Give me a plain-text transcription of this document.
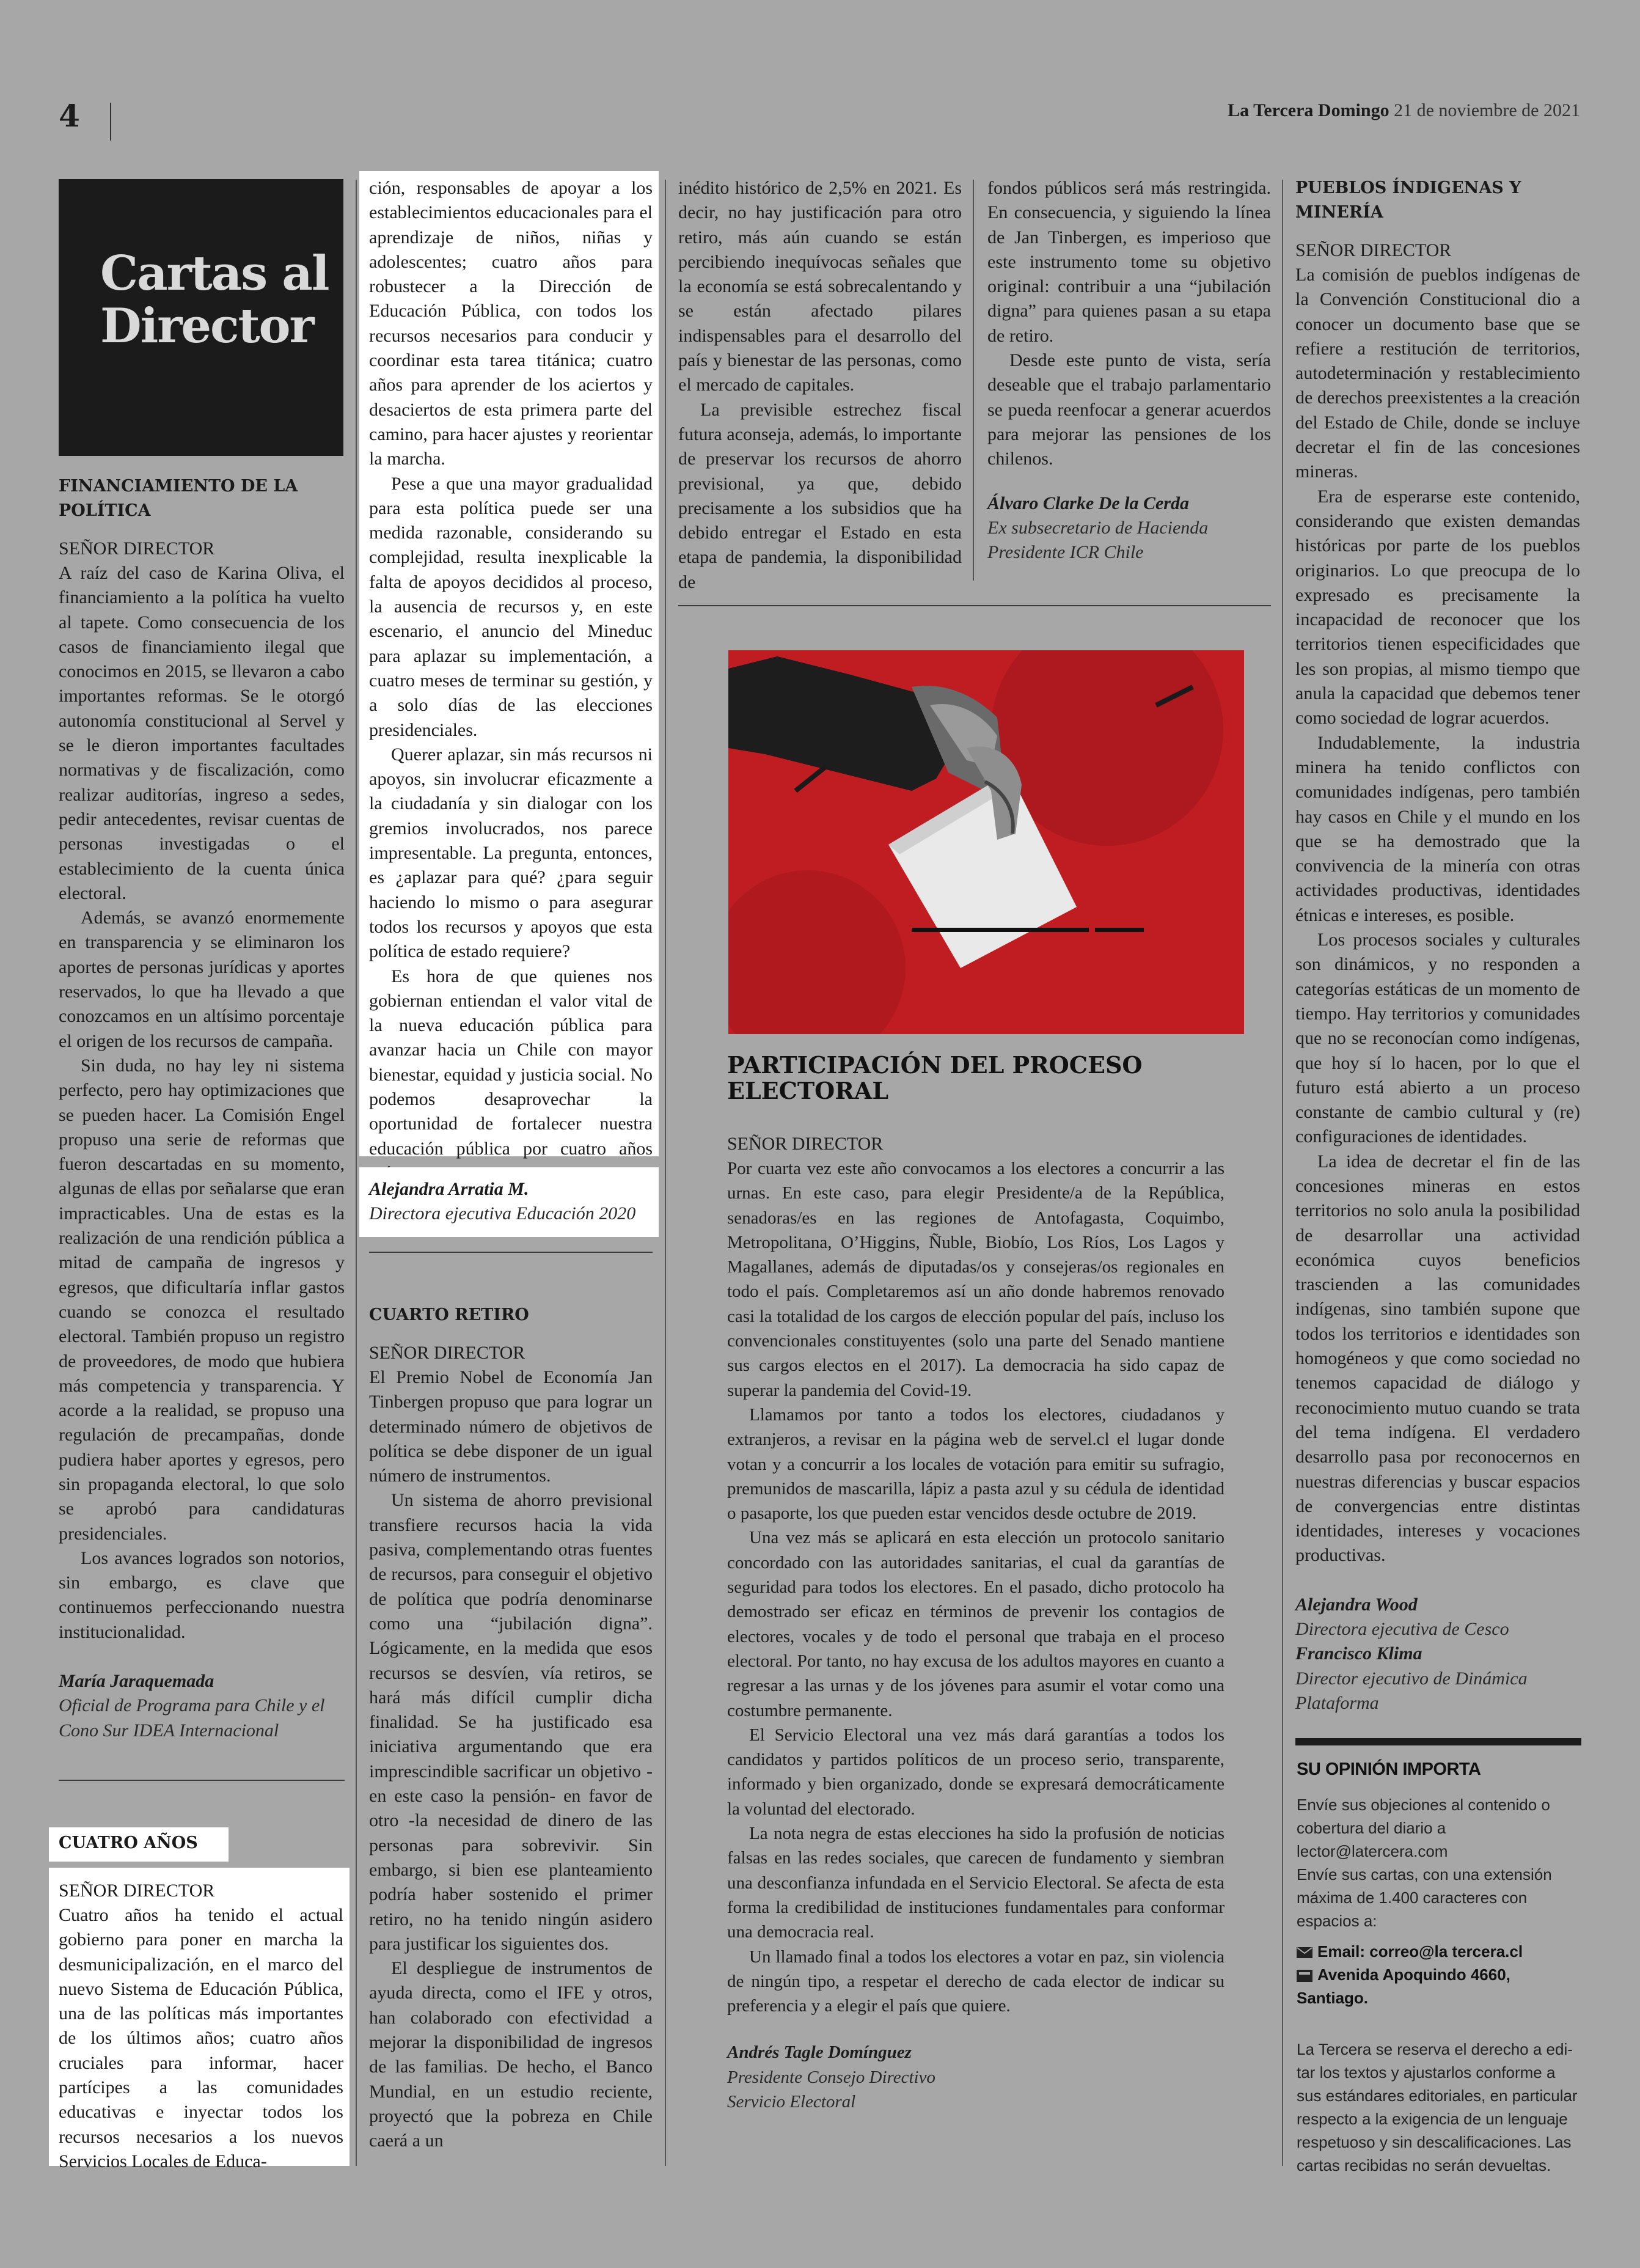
4	La Tercera Domingo 21 de noviembre de 2021
Cartas al
Director
FINANCIAMIENTO DE LA POLÍTICA
SEÑOR DIRECTOR

A raíz del caso de Karina Oliva, el financiamiento a la política ha vuelto al tapete. Como consecuencia de los casos de financiamiento ilegal que conocimos en 2015, se llevaron a cabo importantes reformas. Se le otorgó autonomía constitucional al Servel y se le dieron importantes facultades normativas y de fiscalización, como realizar auditorías, ingreso a sedes, pedir antecedentes, revisar cuentas de personas investigadas o el establecimiento de la cuenta única electoral.

Además, se avanzó enormemente en transparencia y se eliminaron los aportes de personas jurídicas y aportes reservados, lo que ha llevado a que conozcamos en un altísimo porcentaje el origen de los recursos de campaña.

Sin duda, no hay ley ni sistema perfecto, pero hay optimizaciones que se pueden hacer. La Comisión Engel propuso una serie de reformas que fueron descartadas en su momento, algunas de ellas por señalarse que eran impracticables. Una de estas es la realización de una rendición pública a mitad de campaña de ingresos y egresos, que dificultaría inflar gastos cuando se conozca el resultado electoral. También propuso un registro de proveedores, de modo que hubiera más competencia y transparencia. Y acorde a la realidad, se propuso una regulación de precampañas, donde pudiera haber aportes y egresos, pero sin propaganda electoral, lo que solo se aprobó para candidaturas presidenciales.

Los avances logrados son notorios, sin embargo, es clave que continuemos perfeccionando nuestra institucionalidad.

María Jaraquemada
Oficial de Programa para Chile y el
Cono Sur IDEA Internacional
CUATRO AÑOS
SEÑOR DIRECTOR

Cuatro años ha tenido el actual gobierno para poner en marcha la desmunicipalización, en el marco del nuevo Sistema de Educación Pública, una de las políticas más importantes de los últimos años; cuatro años cruciales para informar, hacer partícipes a las comunidades educativas e inyectar todos los recursos necesarios a los nuevos Servicios Locales de Educa-

ción, responsables de apoyar a los establecimientos educacionales para el aprendizaje de niños, niñas y adolescentes; cuatro años para robustecer a la Dirección de Educación Pública, con todos los recursos necesarios para conducir y coordinar esta tarea titánica; cuatro años para aprender de los aciertos y desaciertos de esta primera parte del camino, para hacer ajustes y reorientar la marcha.

Pese a que una mayor gradualidad para esta política puede ser una medida razonable, considerando su complejidad, resulta inexplicable la falta de apoyos decididos al proceso, la ausencia de recursos y, en este escenario, el anuncio del Mineduc para aplazar su implementación, a cuatro meses de terminar su gestión, y a solo días de las elecciones presidenciales.

Querer aplazar, sin más recursos ni apoyos, sin involucrar eficazmente a la ciudadanía y sin dialogar con los gremios involucrados, nos parece impresentable. La pregunta, entonces, es ¿aplazar para qué? ¿para seguir haciendo lo mismo o para asegurar todos los recursos y apoyos que esta política de estado requiere?

Es hora de que quienes nos gobiernan entiendan el valor vital de la nueva educación pública para avanzar hacia un Chile con mayor bienestar, equidad y justicia social. No podemos desaprovechar la oportunidad de fortalecer nuestra educación pública por cuatro años

Alejandra Arratia M.
Directora ejecutiva Educación 2020
CUARTO RETIRO
SEÑOR DIRECTOR

El Premio Nobel de Economía Jan Tinbergen propuso que para lograr un determinado número de objetivos de política se debe disponer de un igual número de instrumentos.

Un sistema de ahorro previsional transfiere recursos hacia la vida pasiva, complementando otras fuentes de recursos, para conseguir el objetivo de política que podría denominarse como una “jubilación digna”. Lógicamente, en la medida que esos recursos se desvíen, vía retiros, se hará más difícil cumplir dicha finalidad. Se ha justificado esa iniciativa argumentando que era imprescindible sacrificar un objetivo -en este caso la pensión- en favor de otro -la necesidad de dinero de las personas para sobrevivir. Sin embargo, si bien ese planteamiento podría haber sostenido el primer retiro, no ha tenido ningún asidero para justificar los siguientes dos.

El despliegue de instrumentos de ayuda directa, como el IFE y otros, han colaborado con efectividad a mejorar la disponibilidad de ingresos de las familias. De hecho, el Banco Mundial, en un estudio reciente, proyectó que la pobreza en Chile caerá a un

inédito histórico de 2,5% en 2021. Es decir, no hay justificación para otro retiro, más aún cuando se están percibiendo inequívocas señales que la economía se está sobrecalentando y se están afectado pilares indispensables para el desarrollo del país y bienestar de las personas, como el mercado de capitales.

La previsible estrechez fiscal futura aconseja, además, lo importante de preservar los recursos de ahorro previsional, ya que, debido precisamente a los subsidios que ha debido entregar el Estado en esta etapa de pandemia, la disponibilidad de

fondos públicos será más restringida. En consecuencia, y siguiendo la línea de Jan Tinbergen, es imperioso que este instrumento tome su objetivo original: contribuir a una “jubilación digna” para quienes pasan a su etapa de retiro.

Desde este punto de vista, sería deseable que el trabajo parlamentario se pueda reenfocar a generar acuerdos para mejorar las pensiones de los chilenos.

Álvaro Clarke De la Cerda
Ex subsecretario de Hacienda
Presidente ICR Chile
PARTICIPACIÓN DEL PROCESO
ELECTORAL
SEÑOR DIRECTOR

Por cuarta vez este año convocamos a los electores a concurrir a las urnas. En este caso, para elegir Presidente/a de la República, senadoras/es en las regiones de Antofagasta, Coquimbo, Metropolitana, O’Higgins, Ñuble, Biobío, Los Ríos, Los Lagos y Magallanes, además de diputadas/os y consejeras/os regionales en todo el país. Completaremos así un año donde habremos renovado casi la totalidad de los cargos de elección popular del país, incluso los convencionales constituyentes (solo una parte del Senado mantiene sus cargos electos en el 2017). La democracia ha sido capaz de superar la pandemia del Covid-19.

Llamamos por tanto a todos los electores, ciudadanos y extranjeros, a revisar en la página web de servel.cl el lugar donde votan y a concurrir a los locales de votación para emitir su sufragio, premunidos de mascarilla, lápiz a pasta azul y su cédula de identidad o pasaporte, los que pueden estar vencidos desde octubre de 2019.

Una vez más se aplicará en esta elección un protocolo sanitario concordado con las autoridades sanitarias, el cual da garantías de seguridad para todos los electores. En el pasado, dicho protocolo ha demostrado ser eficaz en términos de prevenir los contagios de electores, vocales y de todo el personal que trabaja en el proceso electoral. Por tanto, no hay excusa de los adultos mayores en cuanto a regresar a las urnas y de los jóvenes para asumir el votar como una costumbre permanente.

El Servicio Electoral una vez más dará garantías a todos los candidatos y partidos políticos de un proceso serio, transparente, informado y bien organizado, donde se expresará democráticamente la voluntad del electorado.

La nota negra de estas elecciones ha sido la profusión de noticias falsas en las redes sociales, que carecen de fundamento y siembran una desconfianza infundada en el Servicio Electoral. Se afecta de esta forma la credibilidad de instituciones fundamentales para conformar una democracia real.

Un llamado final a todos los electores a votar en paz, sin violencia de ningún tipo, a respetar el derecho de cada elector de indicar su preferencia y a elegir el país que quiere.

Andrés Tagle Domínguez
Presidente Consejo Directivo
Servicio Electoral
PUEBLOS ÍNDIGENAS Y MINERÍA
SEÑOR DIRECTOR

La comisión de pueblos indígenas de la Convención Constitucional dio a conocer un documento base que se refiere a restitución de territorios, autodeterminación y restablecimiento de derechos preexistentes a la creación del Estado de Chile, donde se incluye decretar el fin de las concesiones mineras.

Era de esperarse este contenido, considerando que existen demandas históricas por parte de los pueblos originarios. Lo que preocupa de lo expresado es precisamente la incapacidad de reconocer que los territorios tienen especificidades que les son propias, al mismo tiempo que anula la capacidad que debemos tener como sociedad de lograr acuerdos.

Indudablemente, la industria minera ha tenido conflictos con comunidades indígenas, pero también hay casos en Chile y el mundo en los que se ha demostrado que la convivencia de la minería con otras actividades productivas, identidades étnicas e intereses, es posible.

Los procesos sociales y culturales son dinámicos, y no responden a categorías estáticas de un momento de tiempo. Hay territorios y comunidades que no se reconocían como indígenas, que hoy sí lo hacen, por lo que el futuro está abierto a un proceso constante de cambio cultural y (re) configuraciones de identidades.

La idea de decretar el fin de las concesiones mineras en estos territorios no solo anula la posibilidad de desarrollar una actividad económica cuyos beneficios trascienden a las comunidades indígenas, sino también supone que todos los territorios e identidades son homogéneos y que como sociedad no tenemos capacidad de diálogo y reconocimiento mutuo cuando se trata del tema indígena. El verdadero desarrollo pasa por reconocernos en nuestras diferencias y buscar espacios de convergencias entre distintas identidades, intereses y vocaciones productivas.

Alejandra Wood
Directora ejecutiva de Cesco
Francisco Klima
Director ejecutivo de Dinámica
Plataforma
SU OPINIÓN IMPORTA
Envíe sus objeciones al contenido o
cobertura del diario a
lector@latercera.com
Envíe sus cartas, con una extensión
máxima de 1.400 caracteres con
espacios a:
Email: correo@la tercera.cl
Avenida Apoquindo 4660, Santiago.
La Tercera se reserva el derecho a edi-
tar los textos y ajustarlos conforme a
sus estándares editoriales, en particular
respecto a la exigencia de un lenguaje
respetuoso y sin descalificaciones. Las
cartas recibidas no serán devueltas.
